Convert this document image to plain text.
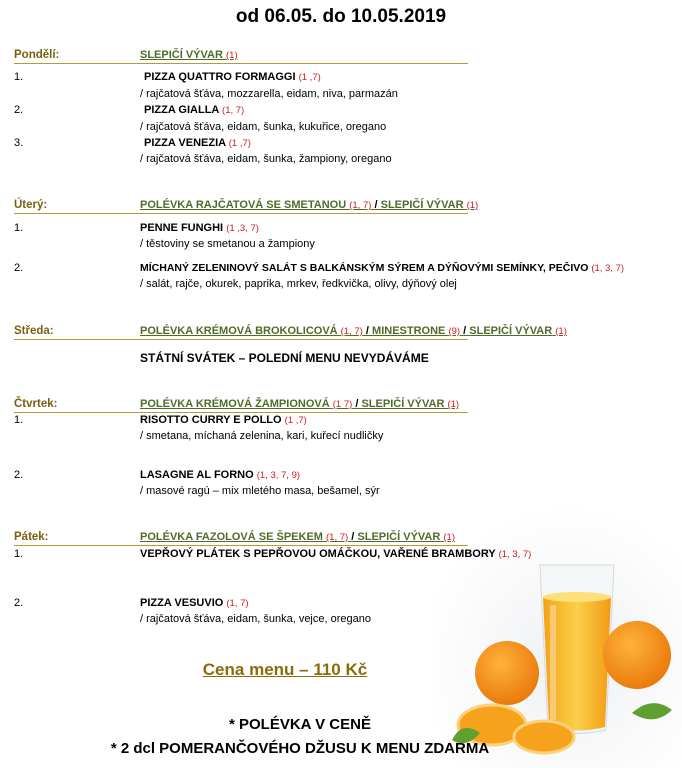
od 06.05. do 10.05.2019
Pondělí:	SLEPIČÍ VÝVAR (1)
1.	PIZZA QUATTRO FORMAGGI (1 ,7)
/ rajčatová šťáva, mozzarella, eidam, niva, parmazán
2.	PIZZA GIALLA (1, 7)
/ rajčatová šťáva, eidam, šunka, kukuřice, oregano
3.	PIZZA VENEZIA (1 ,7)
/ rajčatová šťáva, eidam, šunka, žampiony, oregano
Úterý:	POLÉVKA RAJČATOVÁ SE SMETANOU (1, 7) / SLEPIČÍ VÝVAR (1)
1.	PENNE FUNGHI (1 ,3, 7)
/ těstoviny se smetanou a žampiony
2.	MÍCHANÝ ZELENINOVÝ SALÁT S BALKÁNSKÝM SÝREM A DÝŇOVÝMI SEMÍNKY, PEČIVO (1, 3, 7)
/ salát, rajče, okurek, paprika, mrkev, ředkvička, olivy, dýňový olej
Středa:	POLÉVKA KRÉMOVÁ BROKOLICOVÁ (1, 7) / MINESTRONE (9) / SLEPIČÍ VÝVAR (1)
STÁTNÍ SVÁTEK – POLEDNÍ MENU NEVYDÁVÁME
Čtvrtek:	POLÉVKA KRÉMOVÁ ŽAMPIONOVÁ (1 7) / SLEPIČÍ VÝVAR (1)
1.	RISOTTO CURRY E POLLO (1 ,7)
/ smetana, míchaná zelenina, kari, kuřecí nudličky
2.	LASAGNE AL FORNO (1, 3, 7, 9)
/ masové ragú – mix mletého masa, bešamel, sýr
Pátek:	POLÉVKA FAZOLOVÁ SE ŠPEKEM (1, 7) / SLEPIČÍ VÝVAR (1)
1.	VEPŘOVÝ PLÁTEK S PEPŘOVOU OMÁČKOU, VAŘENÉ BRAMBORY (1, 3, 7)
2.	PIZZA VESUVIO (1, 7)
/ rajčatová šťáva, eidam, šunka, vejce, oregano
Cena menu – 110 Kč
* POLÉVKA V CENĚ
* 2 dcl POMERANČOVÉHO DŽUSU K MENU ZDARMA
